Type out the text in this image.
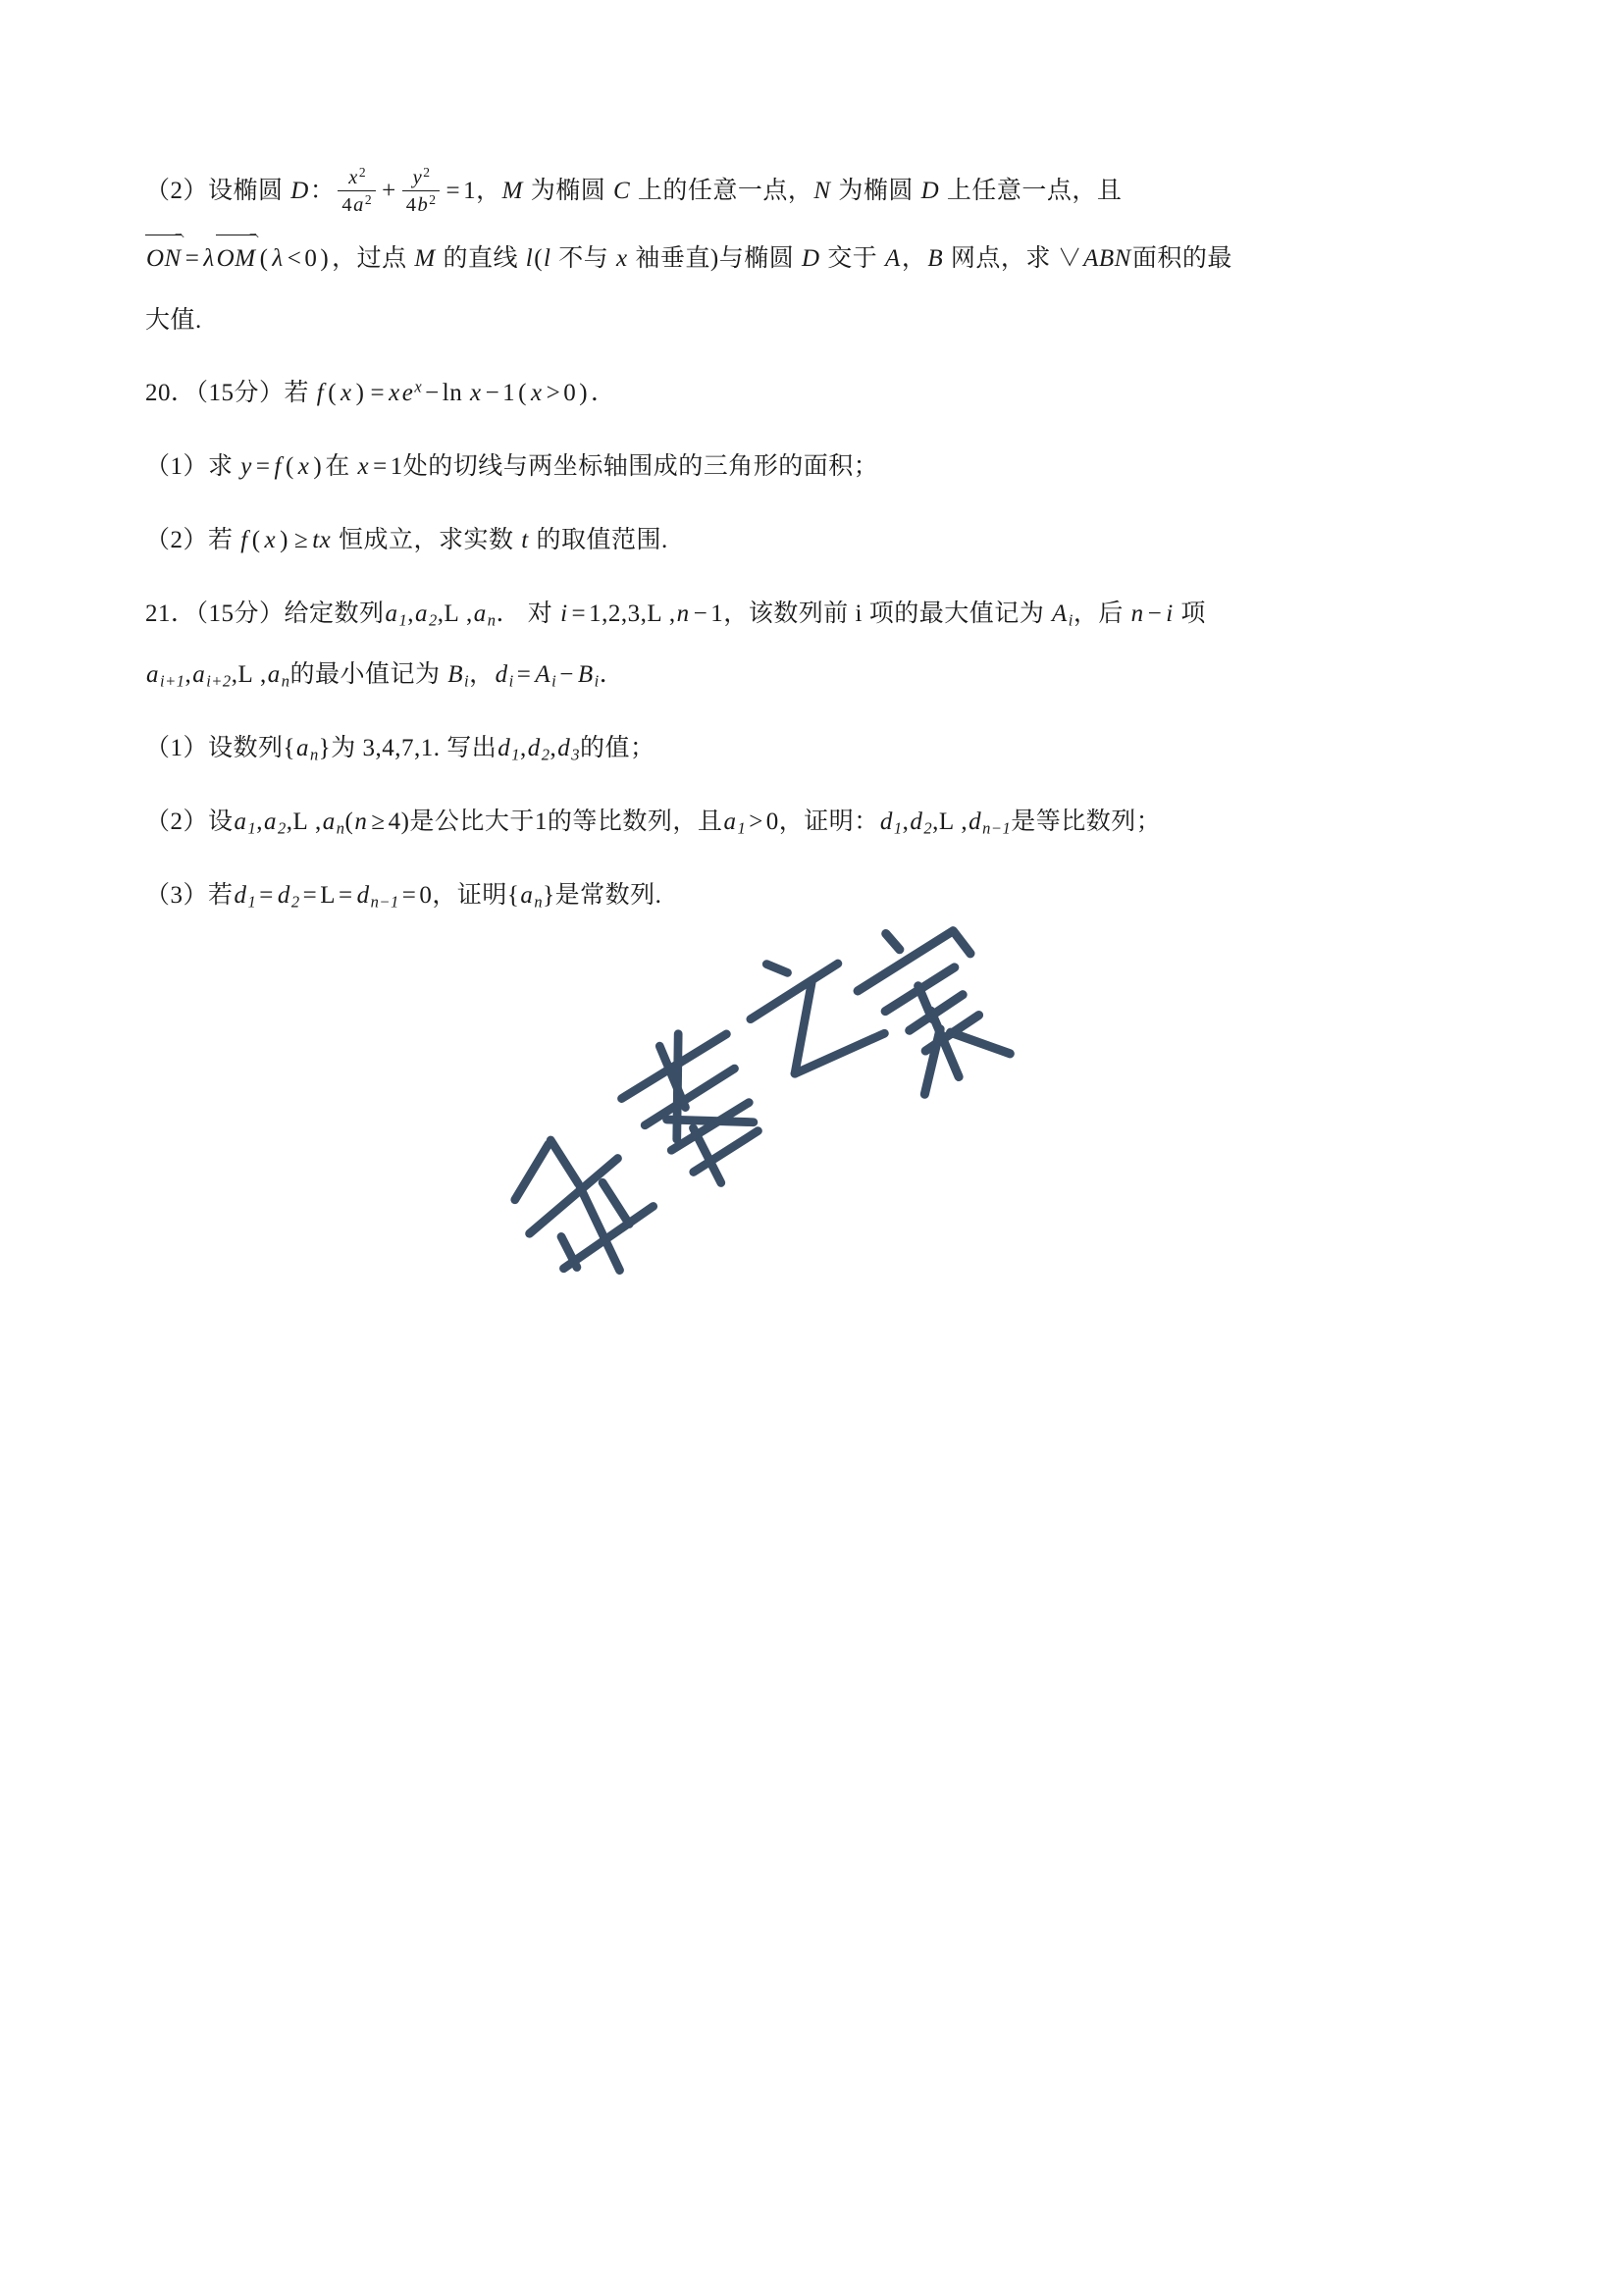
（2）设椭圆 D： $\frac{x^2}{4a^2} + \frac{y^2}{4b^2} = 1$，M 为椭圆 C 上的任意一点，N 为椭圆 D 上任意一点，且
ON = λOM ( λ < 0 ) ，过点 M 的直线 l(l 不与 x 袖垂直)与椭圆 D 交于 A，B 网点，求 ∨ABN面积的最
大值.
20．（15分）若 f ( x ) = $xe^x - \ln x - 1$ ( x > 0 ) ．
（1）求 y = f ( x ) 在 x = 1处的切线与两坐标轴围成的三角形的面积；
（2）若 f ( x ) ≥ tx 恒成立，求实数 t 的取值范围.
21．（15分）给定数列$a_1,a_2,L$ $,a_n$． 对 i = 1,2,3,L ,n − 1，该数列前 i 项的最大值记为 $A_i$，后 n − i 项
$a_{i+1},a_{i+2},L$ $,a_n$的最小值记为 $B_i$，$d_i = A_i - B_i$．
（1）设数列$\{a_n\}$为 3,4,7,1. 写出$d_1,d_2,d_3$的值；
（2）设$a_1,a_2,L$ $,a_n(n \ge 4)$是公比大于1的等比数列，且$a_1 > 0$，证明：$d_1,d_2,L$ $,d_{n-1}$是等比数列；
（3）若$d_1 = d_2 = L = d_{n-1} = 0$，证明$\{a_n\}$是常数列.
